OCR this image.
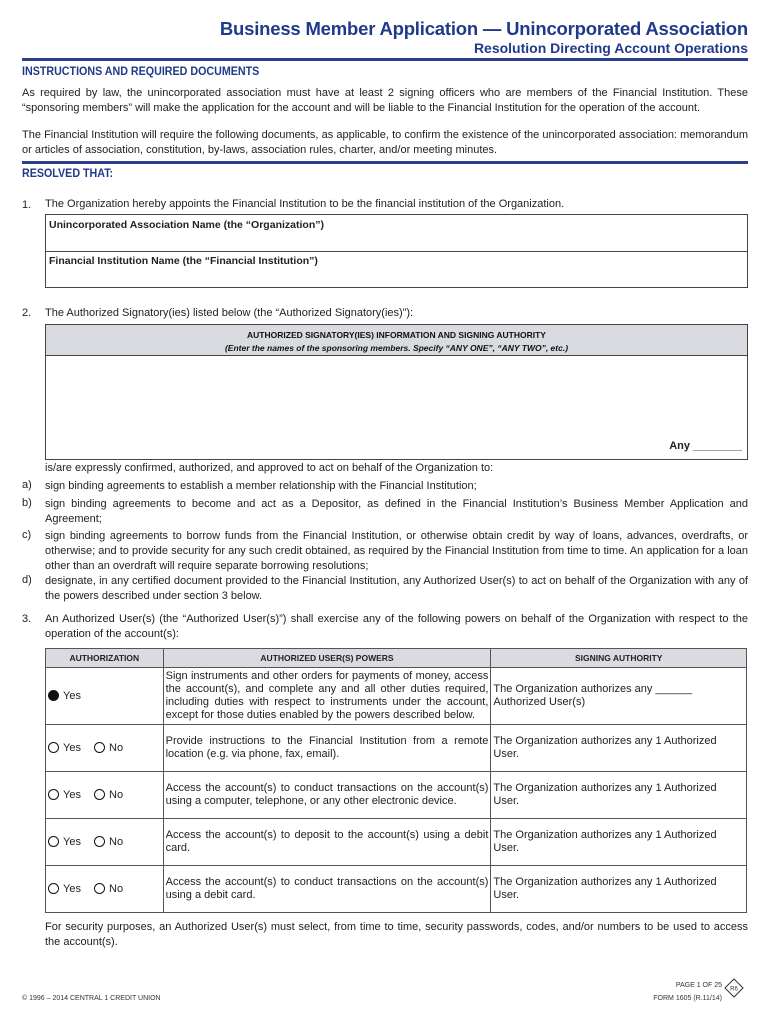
Business Member Application — Unincorporated Association
Resolution Directing Account Operations
INSTRUCTIONS AND REQUIRED DOCUMENTS
As required by law, the unincorporated association must have at least 2 signing officers who are members of the Financial Institution. These “sponsoring members” will make the application for the account and will be liable to the Financial Institution for the operation of the account.
The Financial Institution will require the following documents, as applicable, to confirm the existence of the unincorporated association: memorandum or articles of association, constitution, by-laws, association rules, charter, and/or meeting minutes.
RESOLVED THAT:
1. The Organization hereby appoints the Financial Institution to be the financial institution of the Organization.
Unincorporated Association Name (the “Organization”)
Financial Institution Name (the “Financial Institution”)
2. The Authorized Signatory(ies) listed below (the “Authorized Signatory(ies)”):
AUTHORIZED SIGNATORY(IES) INFORMATION AND SIGNING AUTHORITY
(Enter the names of the sponsoring members. Specify “ANY ONE”, “ANY TWO”, etc.)
Any ________
is/are expressly confirmed, authorized, and approved to act on behalf of the Organization to:
a) sign binding agreements to establish a member relationship with the Financial Institution;
b) sign binding agreements to become and act as a Depositor, as defined in the Financial Institution’s Business Member Application and Agreement;
c) sign binding agreements to borrow funds from the Financial Institution, or otherwise obtain credit by way of loans, advances, overdrafts, or otherwise; and to provide security for any such credit obtained, as required by the Financial Institution from time to time. An application for a loan other than an overdraft will require separate borrowing resolutions;
d) designate, in any certified document provided to the Financial Institution, any Authorized User(s) to act on behalf of the Organization with any of the powers described under section 3 below.
3. An Authorized User(s) (the “Authorized User(s)”) shall exercise any of the following powers on behalf of the Organization with respect to the operation of the account(s):
AUTHORIZATION	AUTHORIZED USER(S) POWERS	SIGNING AUTHORITY
Yes	Sign instruments and other orders for payments of money, access the account(s), and complete any and all other duties required, including duties with respect to instruments under the account, except for those duties enabled by the powers described below.	The Organization authorizes any ______ Authorized User(s)
Yes No	Provide instructions to the Financial Institution from a remote location (e.g. via phone, fax, email).	The Organization authorizes any 1 Authorized User.
Yes No	Access the account(s) to conduct transactions on the account(s) using a computer, telephone, or any other electronic device.	The Organization authorizes any 1 Authorized User.
Yes No	Access the account(s) to deposit to the account(s) using a debit card.	The Organization authorizes any 1 Authorized User.
Yes No	Access the account(s) to conduct transactions on the account(s) using a debit card.	The Organization authorizes any 1 Authorized User.
For security purposes, an Authorized User(s) must select, from time to time, security passwords, codes, and/or numbers to be used to access the account(s).
© 1996 – 2014 CENTRAL 1 CREDIT UNION
PAGE 1 OF 25
FORM 1605 (R.11/14)
R6
